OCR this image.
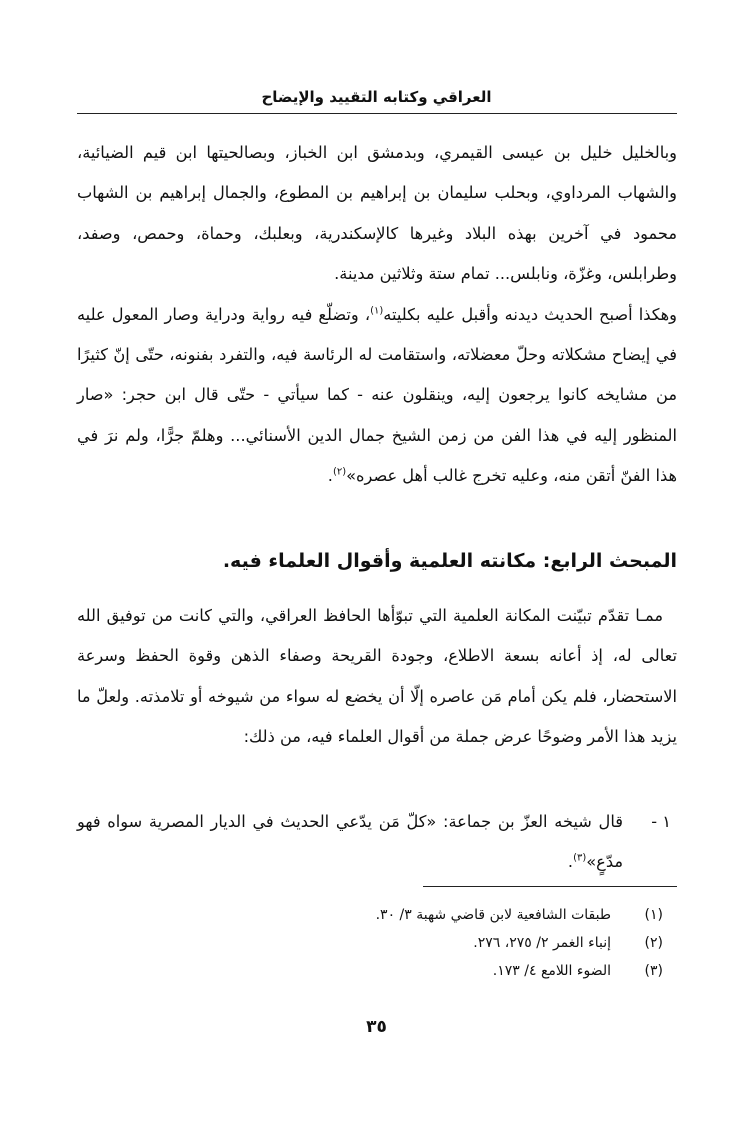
العراقي وكتابه التقييد والإيضاح

وبالخليل خليل بن عيسى القيمري، وبدمشق ابن الخباز، وبصالحيتها ابن قيم الضيائية، والشهاب المرداوي، وبحلب سليمان بن إبراهيم بن المطوع، والجمال إبراهيم بن الشهاب محمود في آخرين بهذه البلاد وغيرها كالإسكندرية، وبعلبك، وحماة، وحمص، وصفد، وطرابلس، وغزّة، ونابلس... تمام ستة وثلاثين مدينة.

وهكذا أصبح الحديث ديدنه وأقبل عليه بكليته$^{(١)}$، وتضلّع فيه رواية ودراية وصار المعول عليه في إيضاح مشكلاته وحلّ معضلاته، واستقامت له الرئاسة فيه، والتفرد بفنونه، حتّى إنّ كثيرًا من مشايخه كانوا يرجعون إليه، وينقلون عنه - كما سيأتي - حتّى قال ابن حجر: «صار المنظور إليه في هذا الفن من زمن الشيخ جمال الدين الأسنائي... وهلمّ جرًّا، ولم نرَ في هذا الفنّ أتقن منه، وعليه تخرج غالب أهل عصره»$^{(٢)}$.

المبحث الرابع: مكانته العلمية وأقوال العلماء فيه.

ممـا تقدّم تبيّنت المكانة العلمية التي تبوّأها الحافظ العراقي، والتي كانت من توفيق الله تعالى له، إذ أعانه بسعة الاطلاع، وجودة القريحة وصفاء الذهن وقوة الحفظ وسرعة الاستحضار، فلم يكن أمام مَن عاصره إلّا أن يخضع له سواء من شيوخه أو تلامذته. ولعلّ ما يزيد هذا الأمر وضوحًا عرض جملة من أقوال العلماء فيه، من ذلك:

١ -
قال شيخه العزّ بن جماعة: «كلّ مَن يدّعي الحديث في الديار المصرية سواه فهو مدّعٍ»$^{(٣)}$.
(١)
طبقات الشافعية لابن قاضي شهبة ٣/ ٣٠.
(٢)
إنباء الغمر ٢/ ٢٧٥، ٢٧٦.
(٣)
الضوء اللامع ٤/ ١٧٣.
٣٥
